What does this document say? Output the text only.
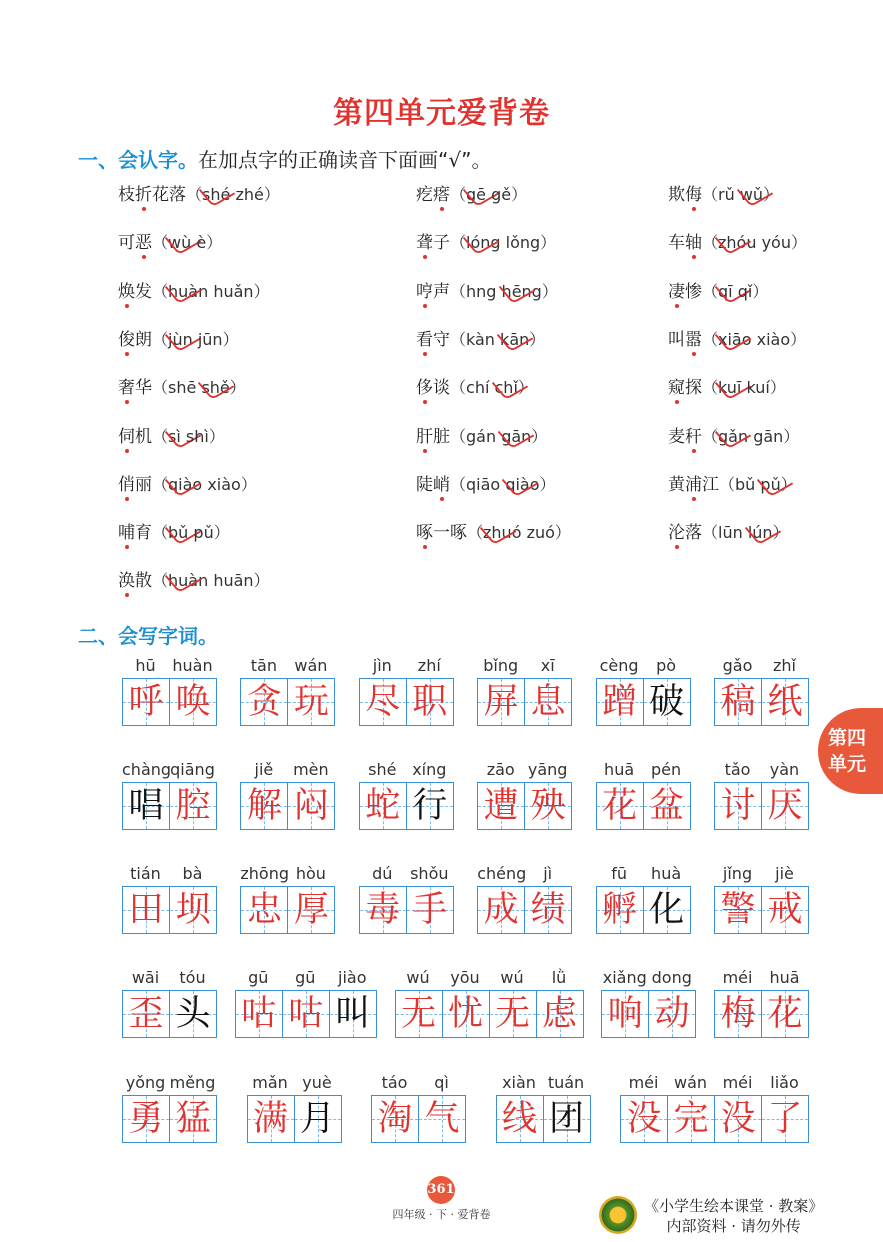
第四单元爱背卷
一、会认字。在加点字的正确读音下面画“√”。
枝折花落（shé zhé）	疙瘩（gē gě）	欺侮（rǔ wǔ）
可恶（wù è）	聋子（lóng lǒng）	车轴（zhóu yóu）
焕发（huàn huǎn）	哼声（hng hēng）	凄惨（qī qǐ）
俊朗（jùn jūn）	看守（kàn kān）	叫嚣（xiāo xiào）
奢华（shē shě）	侈谈（chí chǐ）	窥探（kuī kuí）
伺机（sì shì）	肝脏（gán gān）	麦秆（gǎn gān）
俏丽（qiào xiào）	陡峭（qiāo qiào）	黄浦江（bǔ pǔ）
哺育（bǔ pǔ）	啄一啄（zhuó zuó）	沦落（lūn lún）
涣散（huàn huān）
二、会写字词。
hū	huàn
呼 唤
tān	wán
贪 玩
jìn	zhí
尽 职
bǐng	xī
屏 息
cèng	pò
蹭 破
gǎo	zhǐ
稿 纸
chàng qiāng
唱 腔
jiě	mèn
解 闷
shé xíng
蛇 行
zāo yāng
遭 殃
huā	pén
花 盆
tǎo	yàn
讨 厌
tián	bà
田 坝
zhōng hòu
忠 厚
dú	shǒu
毒 手
chéng	jì
成 绩
fū	huà
孵 化
jǐng	jiè
警 戒
wāi	tóu
歪 头
gū	gū	jiào
咕 咕 叫
wú	yōu	wú	lǜ
无 忧 无 虑
xiǎng dong
响 动
méi	huā
梅 花
yǒng měng
勇 猛
mǎn yuè
满 月
táo	qì
淘 气
xiàn tuán
线 团
méi wán méi	liǎo
没 完 没 了
第四
单元
361
四年级 · 下 · 爱背卷	《小学生绘本课堂 · 教案》
内部资料 · 请勿外传
